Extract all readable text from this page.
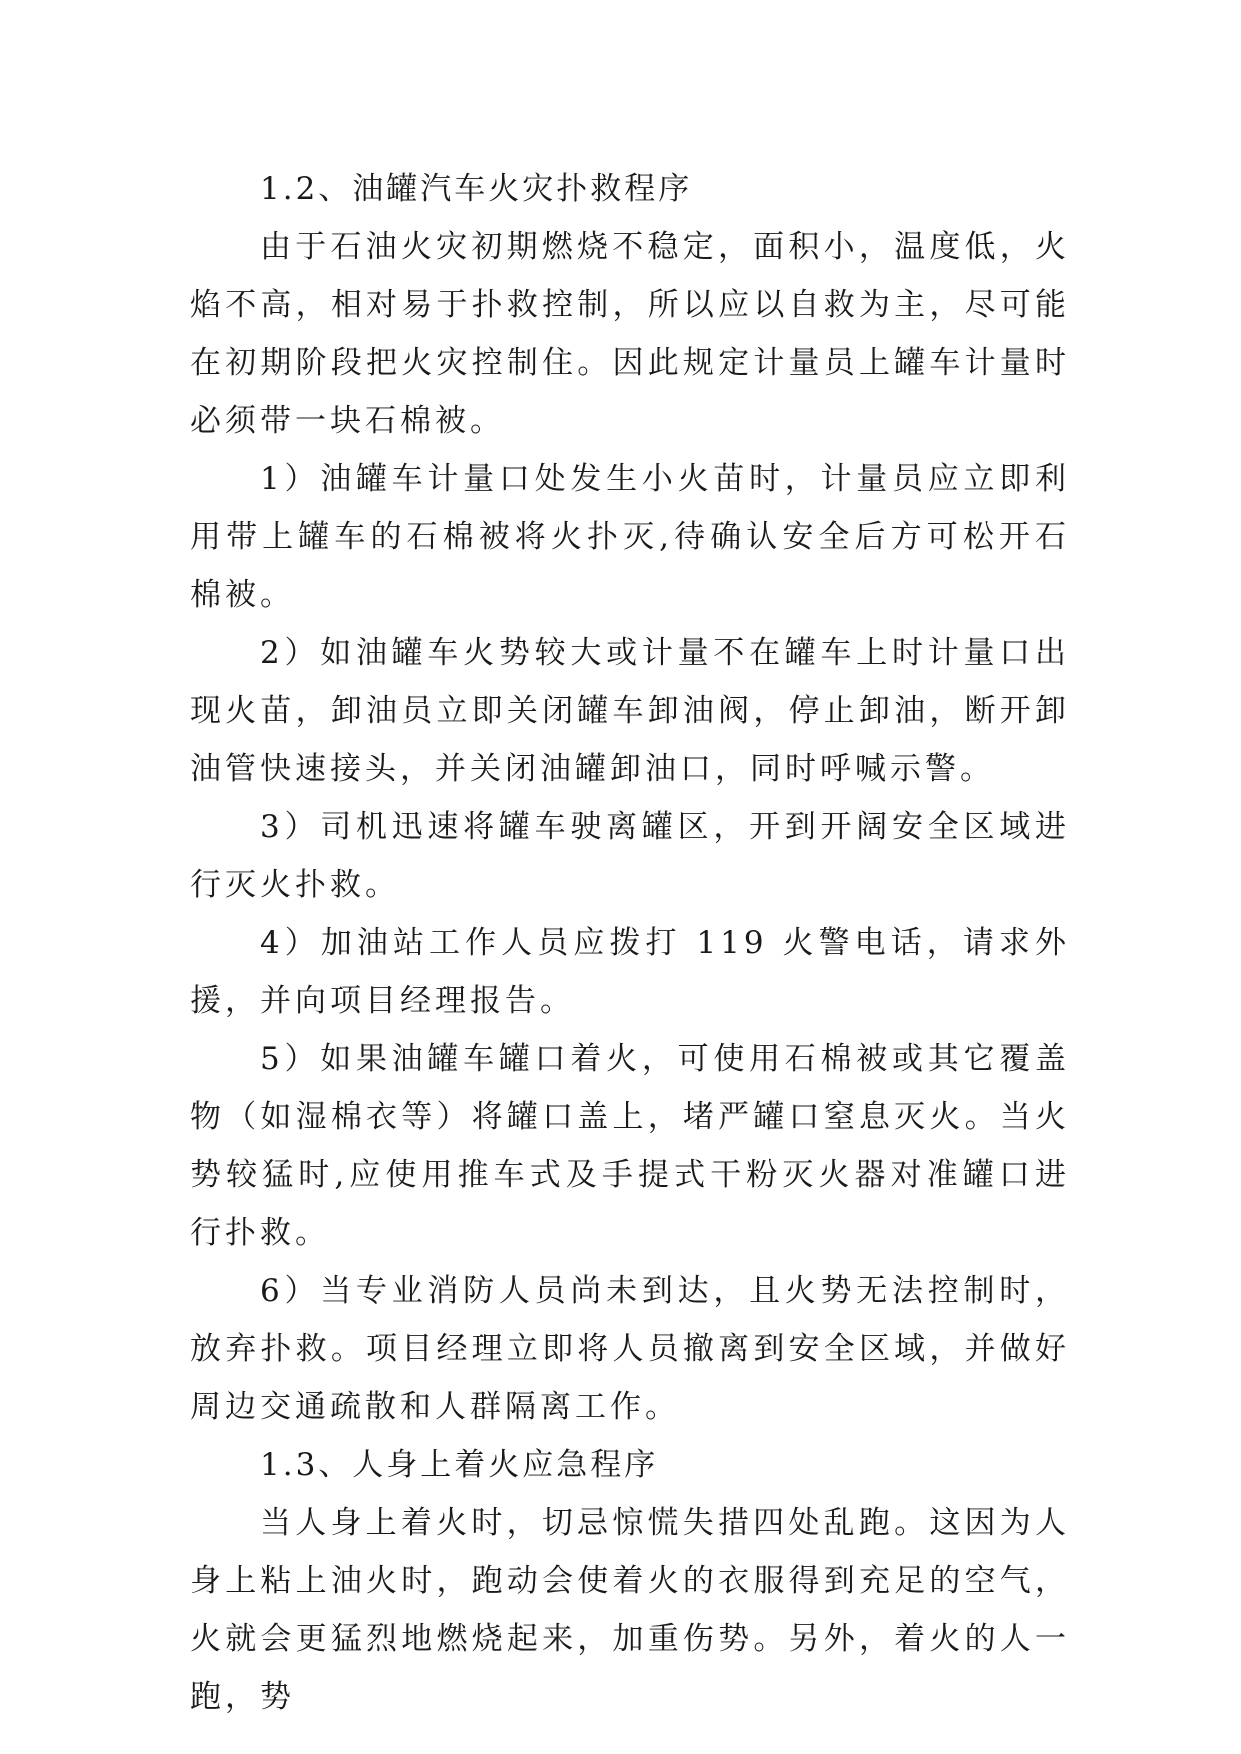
1.2、油罐汽车火灾扑救程序

由于石油火灾初期燃烧不稳定，面积小，温度低，火焰不高，相对易于扑救控制，所以应以自救为主，尽可能在初期阶段把火灾控制住。因此规定计量员上罐车计量时必须带一块石棉被。

1）油罐车计量口处发生小火苗时，计量员应立即利用带上罐车的石棉被将火扑灭,待确认安全后方可松开石棉被。

2）如油罐车火势较大或计量不在罐车上时计量口出现火苗，卸油员立即关闭罐车卸油阀，停止卸油，断开卸油管快速接头，并关闭油罐卸油口，同时呼喊示警。

3）司机迅速将罐车驶离罐区，开到开阔安全区域进行灭火扑救。

4）加油站工作人员应拨打 119 火警电话，请求外援，并向项目经理报告。

5）如果油罐车罐口着火，可使用石棉被或其它覆盖物（如湿棉衣等）将罐口盖上，堵严罐口窒息灭火。当火势较猛时,应使用推车式及手提式干粉灭火器对准罐口进行扑救。

6）当专业消防人员尚未到达，且火势无法控制时，放弃扑救。项目经理立即将人员撤离到安全区域，并做好周边交通疏散和人群隔离工作。

1.3、人身上着火应急程序

当人身上着火时，切忌惊慌失措四处乱跑。这因为人身上粘上油火时，跑动会使着火的衣服得到充足的空气，火就会更猛烈地燃烧起来，加重伤势。另外，着火的人一跑，势
